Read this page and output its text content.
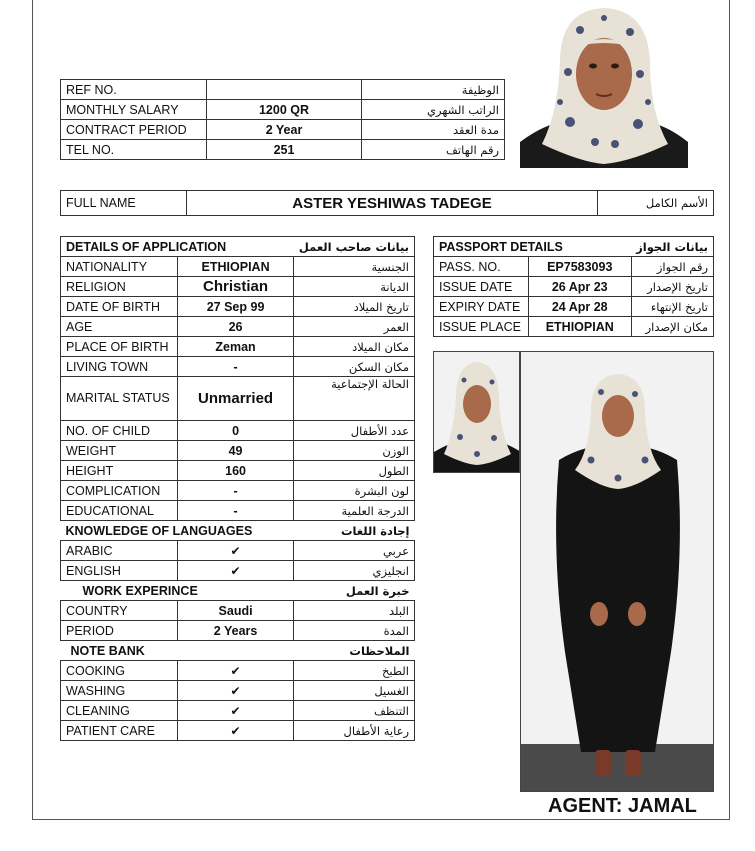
REF NO.		الوظيفة
MONTHLY SALARY	1200 QR	الراتب الشهري
CONTRACT PERIOD	2 Year	مدة العقد
TEL NO.	251	رقم الهاتف
FULL NAME	ASTER YESHIWAS TADEGE	الأسم الكامل
DETAILS OF APPLICATION		بيانات صاحب العمل
NATIONALITY	ETHIOPIAN	الجنسية
RELIGION	Christian	الديانة
DATE OF BIRTH	27 Sep 99	تاريخ الميلاد
AGE	26	العمر
PLACE OF BIRTH	Zeman	مكان الميلاد
LIVING TOWN	-	مكان السكن
MARITAL STATUS	Unmarried	الحالة الإجتماعية
NO. OF CHILD	0	عدد الأطفال
WEIGHT	49	الوزن
HEIGHT	160	الطول
COMPLICATION	-	لون البشرة
EDUCATIONAL	-	الدرجة العلمية
KNOWLEDGE OF LANGUAGES		إجادة اللغات
ARABIC	✔	عربي
ENGLISH	✔	انجليزي
WORK EXPERINCE		خبرة العمل
COUNTRY	Saudi	البلد
PERIOD	2 Years	المدة
NOTE BANK		الملاحظات
COOKING	✔	الطبخ
WASHING	✔	الغسيل
CLEANING	✔	التنظف
PATIENT CARE	✔	رعاية الأطفال
PASSPORT DETAILS		بيانات الجواز
PASS. NO.	EP7583093	رقم الجواز
ISSUE DATE	26 Apr 23	تاريخ الإصدار
EXPIRY DATE	24 Apr 28	تاريخ الإنتهاء
ISSUE PLACE	ETHIOPIAN	مكان الإصدار
AGENT: JAMAL
